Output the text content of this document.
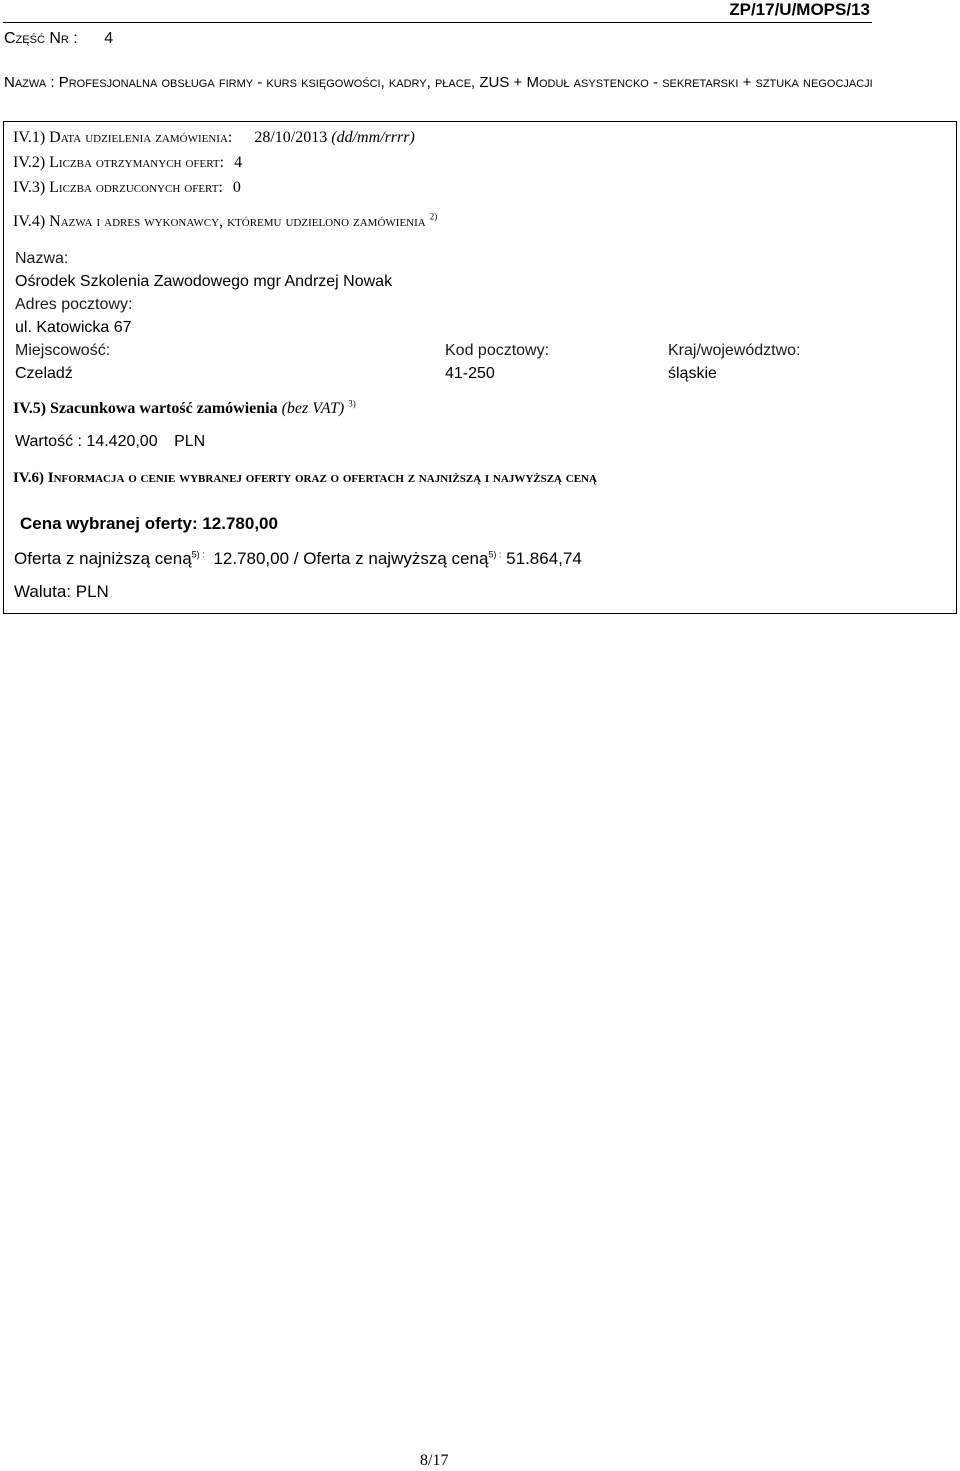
ZP/17/U/MOPS/13
Część Nr : 4
Nazwa : Profesjonalna obsługa firmy - kurs księgowości, kadry, płace, ZUS + Moduł asystencko - sekretarski + sztuka negocjacji
IV.1) Data udzielenia zamówienia: 28/10/2013 (dd/mm/rrrr)
IV.2) Liczba otrzymanych ofert: 4
IV.3) Liczba odrzuconych ofert: 0
IV.4) Nazwa i adres wykonawcy, któremu udzielono zamówienia $^{2)}$
Nazwa:
Ośrodek Szkolenia Zawodowego mgr Andrzej Nowak
Adres pocztowy:
ul. Katowicka 67
Miejscowość:
Czeladź
Kod pocztowy:
41-250
Kraj/województwo:
śląskie
IV.5) Szacunkowa wartość zamówienia (bez VAT) $^{3)}$
Wartość : 14.420,00 PLN
IV.6) Informacja o cenie wybranej oferty oraz o ofertach z najniższą i najwyższą ceną
Cena wybranej oferty: 12.780,00
Oferta z najniższą ceną$^{5) :}$ 12.780,00 / Oferta z najwyższą ceną$^{5) :}$ 51.864,74
Waluta: PLN
8/17
